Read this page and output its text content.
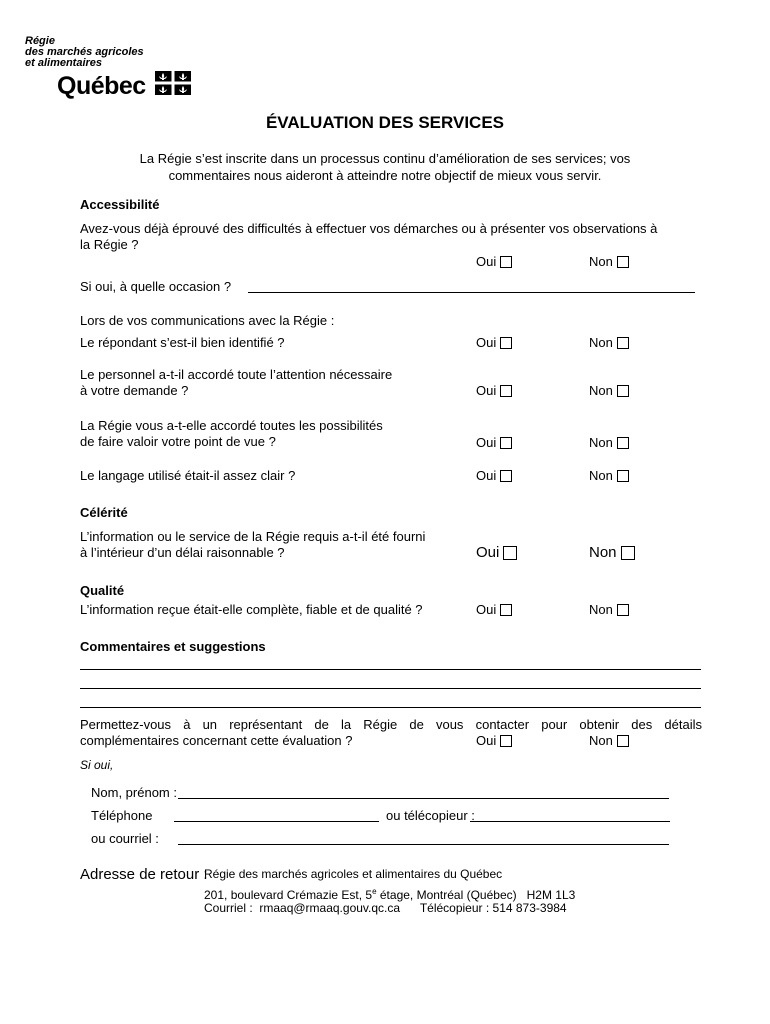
Régie
des marchés agricoles
et alimentaires
Québec
ÉVALUATION DES SERVICES
La Régie s’est inscrite dans un processus continu d’amélioration de ses services; vos
commentaires nous aideront à atteindre notre objectif de mieux vous servir.
Accessibilité
Avez-vous déjà éprouvé des difficultés à effectuer vos démarches ou à présenter vos observations à
la Régie ?
Oui	Non
Si oui, à quelle occasion ?
Lors de vos communications avec la Régie :
Le répondant s’est-il bien identifié ?	Oui	Non
Le personnel a-t-il accordé toute l’attention nécessaire
à votre demande ?	Oui	Non
La Régie vous a-t-elle accordé toutes les possibilités
de faire valoir votre point de vue ?	Oui	Non
Le langage utilisé était-il assez clair ?	Oui	Non
Célérité
L’information ou le service de la Régie requis a-t-il été fourni
à l’intérieur d’un délai raisonnable ?	Oui	Non
Qualité
L’information reçue était-elle complète, fiable et de qualité ?	Oui	Non
Commentaires et suggestions
Permettez-vous à un représentant de la Régie de vous contacter pour obtenir des détails
complémentaires concernant cette évaluation ?	Oui	Non
Si oui,
Nom, prénom :
Téléphone	ou télécopieur :
ou courriel :
Adresse de retour :
Régie des marchés agricoles et alimentaires du Québec
201, boulevard Crémazie Est, 5e étage, Montréal (Québec)   H2M 1L3
Courriel :  rmaaq@rmaaq.gouv.qc.ca      Télécopieur : 514 873-3984
